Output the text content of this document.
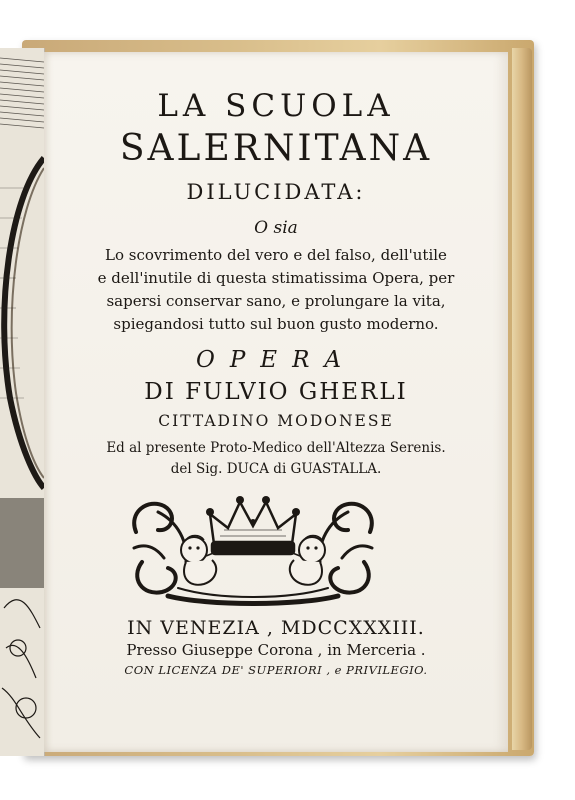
LA SCUOLA
SALERNITANA
DILUCIDATA:
O sia
Lo scovrimento del vero e del falso, dell'utile
e dell'inutile di questa stimatissima Opera, per
sapersi conservar sano, e prolungare la vita,
spiegandosi tutto sul buon gusto moderno.
OPERA
DI FULVIO GHERLI
CITTADINO MODONESE
Ed al presente Proto-Medico dell'Altezza Serenis.
del Sig. DUCA di GUASTALLA.
IN VENEZIA , MDCCXXXIII.
Presso Giuseppe Corona , in Merceria .
CON LICENZA DE' SUPERIORI , e PRIVILEGIO.
